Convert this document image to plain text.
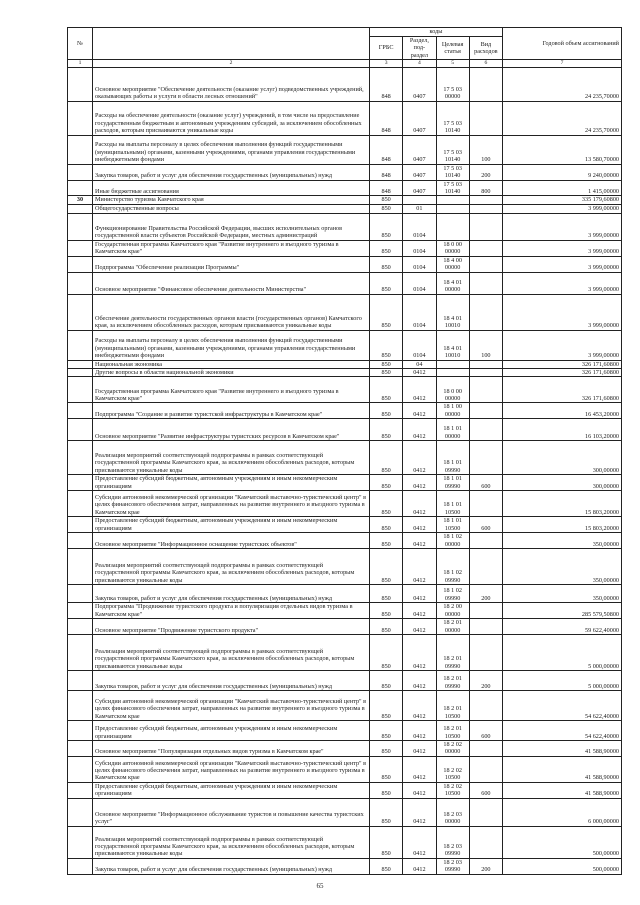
№		коды				Годовой объем ассигнований
		ГРБС	Раздел, под-раздел	Целевая статья	Вид расходов	
1	2	3	4	5	6	7
	Основное мероприятие "Обеспечение деятельности (оказание услуг) подведомственных учреждений, оказывающих работы и услуги в области лесных отношений"	848	0407	17 5 03 00000		24 235,70000
	Расходы на обеспечение деятельности (оказание услуг) учреждений, в том числе на предоставление государственным бюджетным и автономным учреждениям субсидий, за исключением обособленных расходов, которым присваиваются уникальные коды	848	0407	17 5 03 10140		24 235,70000
	Расходы на выплаты персоналу в целях обеспечения выполнения функций государственными (муниципальными) органами, казенными учреждениями, органами управления государственными внебюджетными фондами	848	0407	17 5 03 10140	100	13 580,70000
	Закупка товаров, работ и услуг для обеспечения государственных (муниципальных) нужд	848	0407	17 5 03 10140	200	9 240,00000
	Иные бюджетные ассигнования	848	0407	17 5 03 10140	800	1 415,00000
30	Министерство туризма Камчатского края	850				335 179,60800
	Общегосударственные вопросы	850	01			3 999,00000
	Функционирование Правительства Российской Федерации, высших исполнительных органов государственной власти субъектов Российской Федерации, местных администраций	850	0104			3 999,00000
	Государственная программа Камчатского края "Развитие внутреннего и въездного туризма в Камчатском крае"	850	0104	18 0 00 00000		3 999,00000
	Подпрограмма "Обеспечение реализации Программы"	850	0104	18 4 00 00000		3 999,00000
	Основное мероприятие "Финансовое обеспечение деятельности Министерства"	850	0104	18 4 01 00000		3 999,00000
	Обеспечение деятельности государственных органов власти (государственных органов) Камчатского края, за исключением обособленных расходов, которым присваиваются уникальные коды	850	0104	18 4 01 10010		3 999,00000
	Расходы на выплаты персоналу в целях обеспечения выполнения функций государственными (муниципальными) органами, казенными учреждениями, органами управления государственными внебюджетными фондами	850	0104	18 4 01 10010	100	3 999,00000
	Национальная экономика	850	04			326 171,60800
	Другие вопросы в области национальной экономики	850	0412			326 171,60800
	Государственная программа Камчатского края "Развитие внутреннего и въездного туризма в Камчатском крае"	850	0412	18 0 00 00000		326 171,60800
	Подпрограмма "Создание и развитие туристской инфраструктуры в Камчатском крае"	850	0412	18 1 00 00000		16 453,20000
	Основное мероприятие "Развитие инфраструктуры туристских ресурсов в Камчатском крае"	850	0412	18 1 01 00000		16 103,20000
	Реализация мероприятий соответствующей подпрограммы в рамках соответствующей государственной программы Камчатского края, за исключением обособленных расходов, которым присваиваются уникальные коды	850	0412	18 1 01 09990		300,00000
	Предоставление субсидий бюджетным, автономным учреждениям и иным некоммерческим организациям	850	0412	18 1 01 09990	600	300,00000
	Субсидии автономной некоммерческой организации "Камчатский выставочно-туристический центр" в целях финансового обеспечения затрат, направленных на развитие внутреннего и въездного туризма в Камчатском крае	850	0412	18 1 01 10500		15 803,20000
	Предоставление субсидий бюджетным, автономным учреждениям и иным некоммерческим организациям	850	0412	18 1 01 10500	600	15 803,20000
	Основное мероприятие "Информационное оснащение туристских объектов"	850	0412	18 1 02 00000		350,00000
	Реализация мероприятий соответствующей подпрограммы в рамках соответствующей государственной программы Камчатского края, за исключением обособленных расходов, которым присваиваются уникальные коды	850	0412	18 1 02 09990		350,00000
	Закупка товаров, работ и услуг для обеспечения государственных (муниципальных) нужд	850	0412	18 1 02 09990	200	350,00000
	Подпрограмма "Продвижение туристского продукта и популяризация отдельных видов туризма в Камчатском крае"	850	0412	18 2 00 00000		285 579,50800
	Основное мероприятие "Продвижение туристского продукта"	850	0412	18 2 01 00000		59 622,40000
	Реализация мероприятий соответствующей подпрограммы в рамках соответствующей государственной программы Камчатского края, за исключением обособленных расходов, которым присваиваются уникальные коды	850	0412	18 2 01 09990		5 000,00000
	Закупка товаров, работ и услуг для обеспечения государственных (муниципальных) нужд	850	0412	18 2 01 09990	200	5 000,00000
	Субсидии автономной некоммерческой организации "Камчатский выставочно-туристический центр" в целях финансового обеспечения затрат, направленных на развитие внутреннего и въездного туризма в Камчатском крае	850	0412	18 2 01 10500		54 622,40000
	Предоставление субсидий бюджетным, автономным учреждениям и иным некоммерческим организациям	850	0412	18 2 01 10500	600	54 622,40000
	Основное мероприятие "Популяризация отдельных видов туризма в Камчатском крае"	850	0412	18 2 02 00000		41 588,90000
	Субсидии автономной некоммерческой организации "Камчатский выставочно-туристический центр" в целях финансового обеспечения затрат, направленных на развитие внутреннего и въездного туризма в Камчатском крае	850	0412	18 2 02 10500		41 588,90000
	Предоставление субсидий бюджетным, автономным учреждениям и иным некоммерческим организациям	850	0412	18 2 02 10500	600	41 588,90000
	Основное мероприятие "Информационное обслуживание туристов и повышение качества туристских услуг"	850	0412	18 2 03 00000		6 000,00000
	Реализация мероприятий соответствующей подпрограммы в рамках соответствующей государственной программы Камчатского края, за исключением обособленных расходов, которым присваиваются уникальные коды	850	0412	18 2 03 09990		500,00000
	Закупка товаров, работ и услуг для обеспечения государственных (муниципальных) нужд	850	0412	18 2 03 09990	200	500,00000
65
